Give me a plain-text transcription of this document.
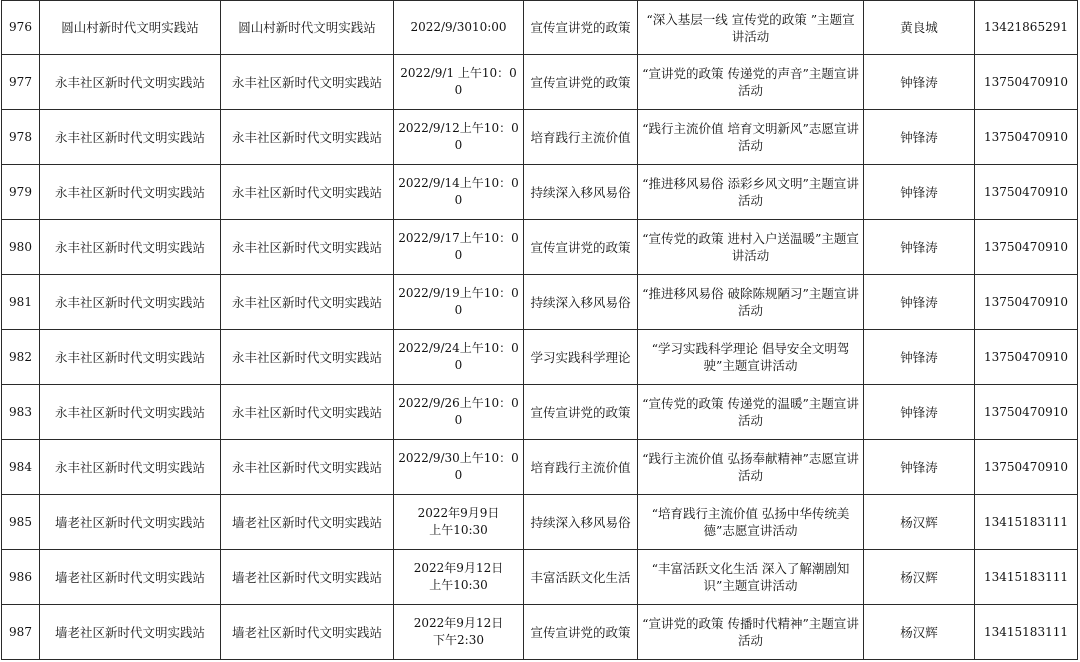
976	圆山村新时代文明实践站	圆山村新时代文明实践站	2022/9/3010:00	宣传宣讲党的政策	“深入基层一线 宣传党的政策 ”主题宣讲活动	黄良城	13421865291
977	永丰社区新时代文明实践站	永丰社区新时代文明实践站	2022/9/1 上午10：00	宣传宣讲党的政策	“宣讲党的政策 传递党的声音”主题宣讲活动	钟锋涛	13750470910
978	永丰社区新时代文明实践站	永丰社区新时代文明实践站	2022/9/12上午10：00	培育践行主流价值	“践行主流价值 培育文明新风”志愿宣讲活动	钟锋涛	13750470910
979	永丰社区新时代文明实践站	永丰社区新时代文明实践站	2022/9/14上午10：00	持续深入移风易俗	“推进移风易俗 添彩乡风文明”主题宣讲活动	钟锋涛	13750470910
980	永丰社区新时代文明实践站	永丰社区新时代文明实践站	2022/9/17上午10：00	宣传宣讲党的政策	“宣传党的政策 进村入户送温暖”主题宣讲活动	钟锋涛	13750470910
981	永丰社区新时代文明实践站	永丰社区新时代文明实践站	2022/9/19上午10：00	持续深入移风易俗	“推进移风易俗 破除陈规陋习”主题宣讲活动	钟锋涛	13750470910
982	永丰社区新时代文明实践站	永丰社区新时代文明实践站	2022/9/24上午10：00	学习实践科学理论	“学习实践科学理论 倡导安全文明驾驶”主题宣讲活动	钟锋涛	13750470910
983	永丰社区新时代文明实践站	永丰社区新时代文明实践站	2022/9/26上午10：00	宣传宣讲党的政策	“宣传党的政策 传递党的温暖”主题宣讲活动	钟锋涛	13750470910
984	永丰社区新时代文明实践站	永丰社区新时代文明实践站	2022/9/30上午10：00	培育践行主流价值	“践行主流价值 弘扬奉献精神”志愿宣讲活动	钟锋涛	13750470910
985	墙老社区新时代文明实践站	墙老社区新时代文明实践站	2022年9月9日
上午10:30	持续深入移风易俗	“培育践行主流价值 弘扬中华传统美德”志愿宣讲活动	杨汉辉	13415183111
986	墙老社区新时代文明实践站	墙老社区新时代文明实践站	2022年9月12日
上午10:30	丰富活跃文化生活	“丰富活跃文化生活 深入了解潮剧知识”主题宣讲活动	杨汉辉	13415183111
987	墙老社区新时代文明实践站	墙老社区新时代文明实践站	2022年9月12日
下午2:30	宣传宣讲党的政策	“宣讲党的政策 传播时代精神”主题宣讲活动	杨汉辉	13415183111
